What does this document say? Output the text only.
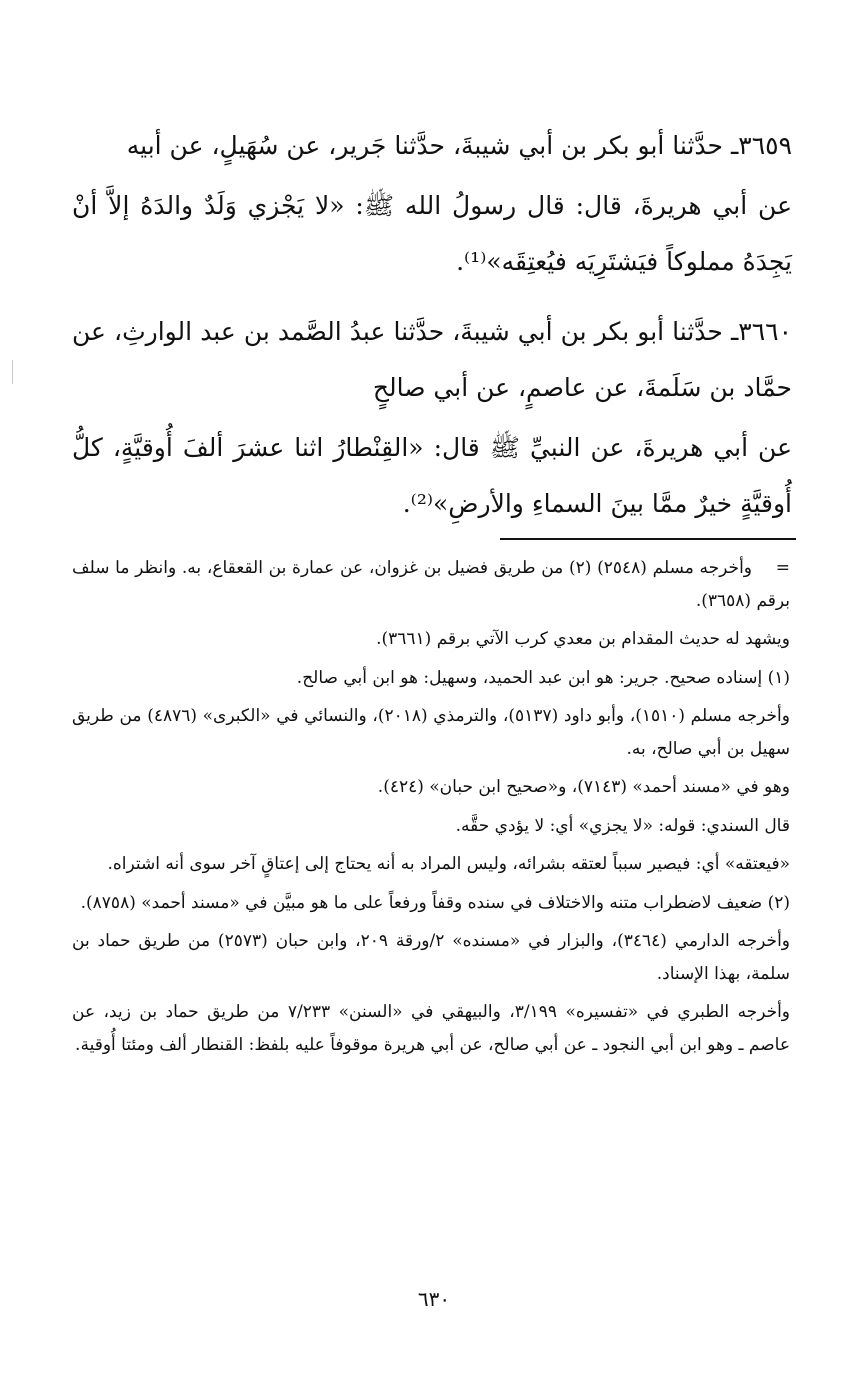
٣٦٥٩ـ حدَّثنا أبو بكر بن أبي شيبةَ، حدَّثنا جَرير، عن سُهَيلٍ، عن أبيه

عن أبي هريرةَ، قال: قال رسولُ الله ﷺ: «لا يَجْزي وَلَدٌ والدَهُ إلاَّ أنْ يَجِدَهُ مملوكاً فيَشتَرِيَه فيُعتِقَه»⁽¹⁾.

٣٦٦٠ـ حدَّثنا أبو بكر بن أبي شيبةَ، حدَّثنا عبدُ الصَّمد بن عبد الوارثِ، عن حمَّاد بن سَلَمةَ، عن عاصمٍ، عن أبي صالحٍ

عن أبي هريرةَ، عن النبيِّ ﷺ قال: «القِنْطارُ اثنا عشرَ ألفَ أُوقيَّةٍ، كلُّ أُوقيَّةٍ خيرٌ ممَّا بينَ السماءِ والأرضِ»⁽²⁾.

=وأخرجه مسلم (٢٥٤٨) (٢) من طريق فضيل بن غزوان، عن عمارة بن القعقاع، به. وانظر ما سلف برقم (٣٦٥٨).

ويشهد له حديث المقدام بن معدي كرب الآتي برقم (٣٦٦١).

(١) إسناده صحيح. جرير: هو ابن عبد الحميد، وسهيل: هو ابن أبي صالح.

وأخرجه مسلم (١٥١٠)، وأبو داود (٥١٣٧)، والترمذي (٢٠١٨)، والنسائي في «الكبرى» (٤٨٧٦) من طريق سهيل بن أبي صالح، به.

وهو في «مسند أحمد» (٧١٤٣)، و«صحيح ابن حبان» (٤٢٤).

قال السندي: قوله: «لا يجزي» أي: لا يؤدي حقَّه.

«فيعتقه» أي: فيصير سبباً لعتقه بشرائه، وليس المراد به أنه يحتاج إلى إعتاقٍ آخر سوى أنه اشتراه.

(٢) ضعيف لاضطراب متنه والاختلاف في سنده وقفاً ورفعاً على ما هو مبيَّن في «مسند أحمد» (٨٧٥٨).

وأخرجه الدارمي (٣٤٦٤)، والبزار في «مسنده» ٢/ورقة ٢٠٩، وابن حبان (٢٥٧٣) من طريق حماد بن سلمة، بهذا الإسناد.

وأخرجه الطبري في «تفسيره» ٣/١٩٩، والبيهقي في «السنن» ٧/٢٣٣ من طريق حماد بن زيد، عن عاصم ـ وهو ابن أبي النجود ـ عن أبي صالح، عن أبي هريرة موقوفاً عليه بلفظ: القنطار ألف ومئتا أُوقية.

٦٣٠
